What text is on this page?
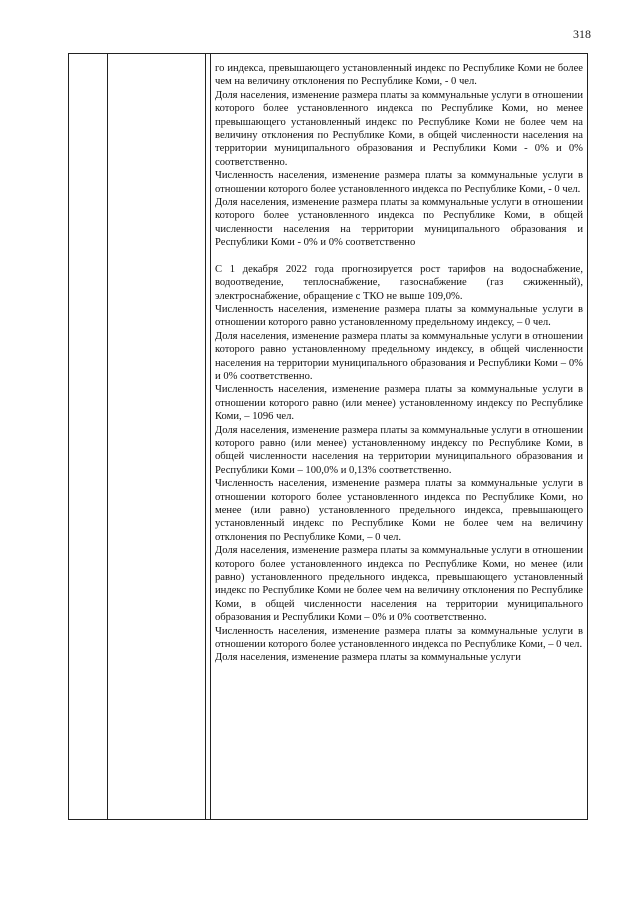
318

го индекса, превышающего установленный индекс по Республике Коми не более чем на величину отклонения по Республике Коми, - 0 чел.

Доля населения, изменение размера платы за коммунальные услуги в отношении которого более установленного индекса по Республике Коми, но менее превышающего установленный индекс по Республике Коми не более чем на величину отклонения по Республике Коми, в общей численности населения на территории муниципального образования и Республики Коми - 0% и 0% соответственно.

Численность населения, изменение размера платы за коммунальные услуги в отношении которого более установленного индекса по Республике Коми, - 0 чел.

Доля населения, изменение размера платы за коммунальные услуги в отношении которого более установленного индекса по Республике Коми, в общей численности населения на территории муниципального образования и Республики Коми - 0% и 0% соответственно

С 1 декабря 2022 года прогнозируется рост тарифов на водоснабжение, водоотведение, теплоснабжение, газоснабжение (газ сжиженный), электроснабжение, обращение с ТКО не выше 109,0%.

Численность населения, изменение размера платы за коммунальные услуги в отношении которого равно установленному предельному индексу, – 0 чел.

Доля населения, изменение размера платы за коммунальные услуги в отношении которого равно установленному предельному индексу, в общей численности населения на территории муниципального образования и Республики Коми – 0% и 0% соответственно.

Численность населения, изменение размера платы за коммунальные услуги в отношении которого равно (или менее) установленному индексу по Республике Коми, – 1096 чел.

Доля населения, изменение размера платы за коммунальные услуги в отношении которого равно (или менее) установленному индексу по Республике Коми, в общей численности населения на территории муниципального образования и Республики Коми – 100,0% и 0,13% соответственно.

Численность населения, изменение размера платы за коммунальные услуги в отношении которого более установленного индекса по Республике Коми, но менее (или равно) установленного предельного индекса, превышающего установленный индекс по Республике Коми не более чем на величину отклонения по Республике Коми, – 0 чел.

Доля населения, изменение размера платы за коммунальные услуги в отношении которого более установленного индекса по Республике Коми, но менее (или равно) установленного предельного индекса, превышающего установленный индекс по Республике Коми не более чем на величину отклонения по Республике Коми, в общей численности населения на территории муниципального образования и Республики Коми – 0% и 0% соответственно.

Численность населения, изменение размера платы за коммунальные услуги в отношении которого более установленного индекса по Республике Коми, – 0 чел.

Доля населения, изменение размера платы за коммунальные услуги
